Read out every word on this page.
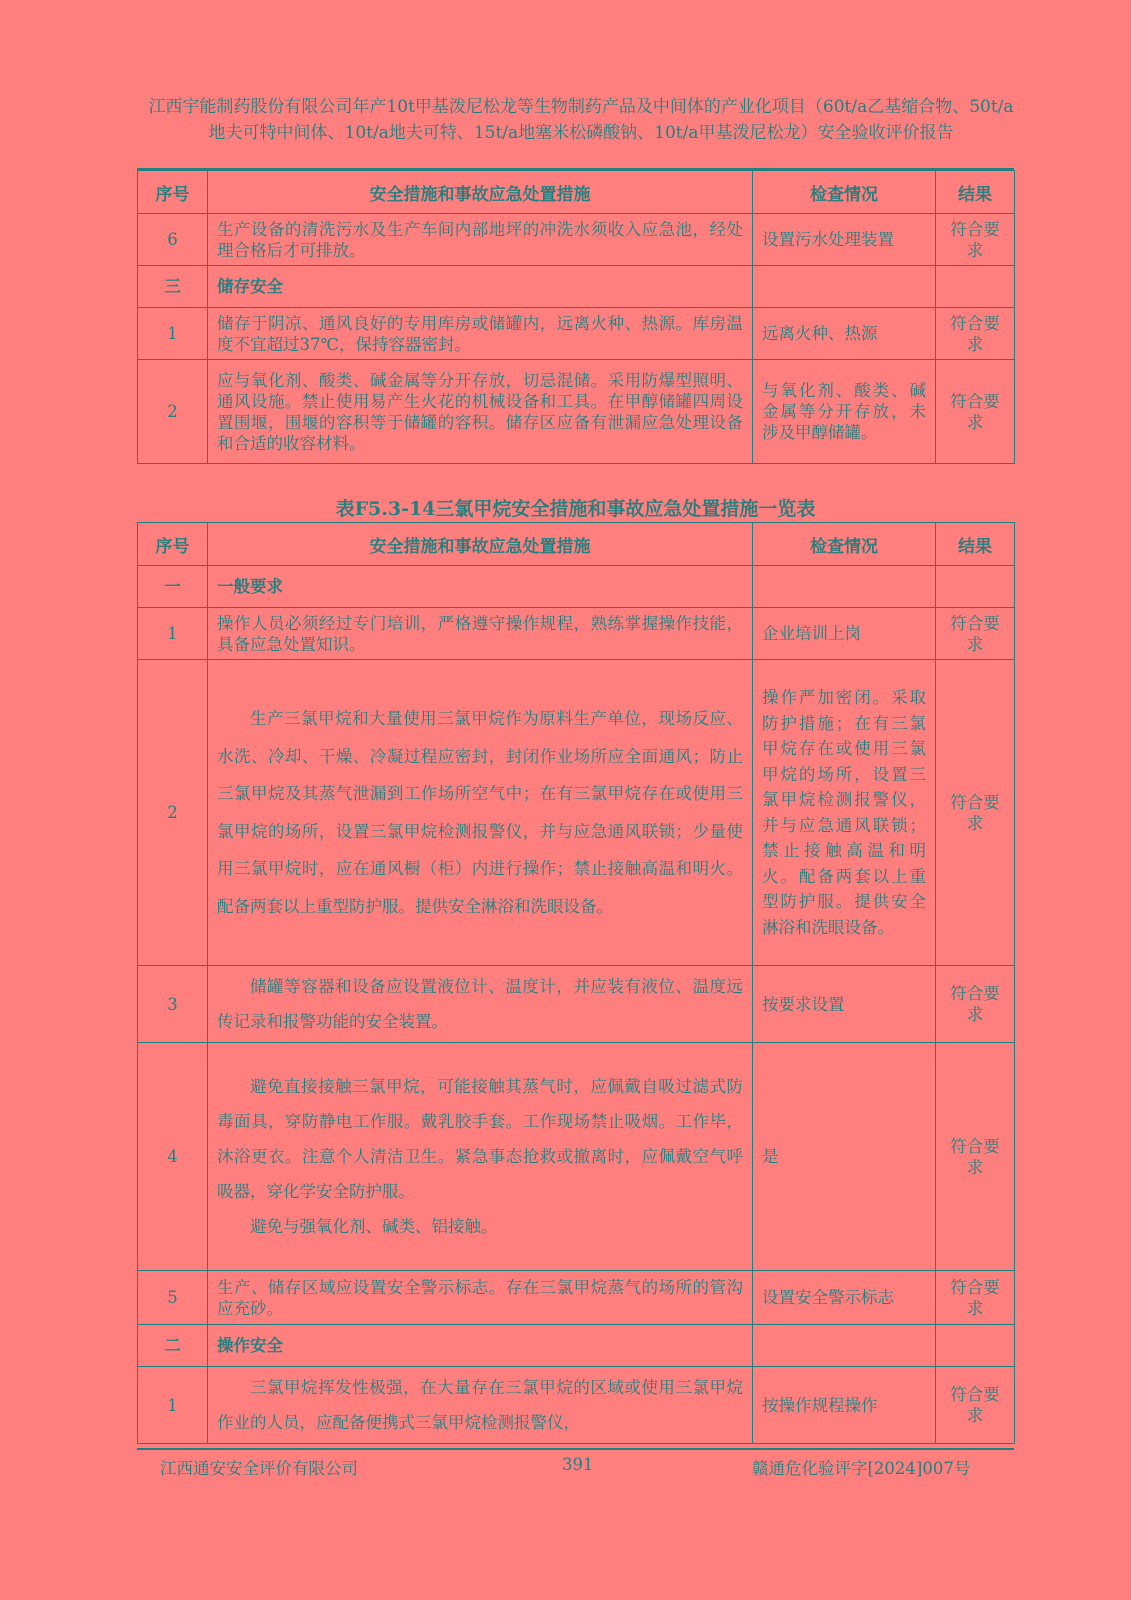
江西宇能制药股份有限公司年产10t甲基泼尼松龙等生物制药产品及中间体的产业化项目（60t/a乙基缩合物、50t/a地夫可特中间体、10t/a地夫可特、15t/a地塞米松磷酸钠、10t/a甲基泼尼松龙）安全验收评价报告
序号	安全措施和事故应急处置措施	检查情况	结果
6	生产设备的清洗污水及生产车间内部地坪的冲洗水须收入应急池，经处理合格后才可排放。	设置污水处理装置	符合要求
三	储存安全		
1	储存于阴凉、通风良好的专用库房或储罐内，远离火种、热源。库房温度不宜超过37℃，保持容器密封。	远离火种、热源	符合要求
2	应与氧化剂、酸类、碱金属等分开存放，切忌混储。采用防爆型照明、通风设施。禁止使用易产生火花的机械设备和工具。在甲醇储罐四周设置围堰，围堰的容积等于储罐的容积。储存区应备有泄漏应急处理设备和合适的收容材料。	与氧化剂、酸类、碱金属等分开存放，未涉及甲醇储罐。	符合要求
表F5.3-14三氯甲烷安全措施和事故应急处置措施一览表
序号	安全措施和事故应急处置措施	检查情况	结果
一	一般要求		
1	操作人员必须经过专门培训，严格遵守操作规程，熟练掌握操作技能，具备应急处置知识。	企业培训上岗	符合要求
2	生产三氯甲烷和大量使用三氯甲烷作为原料生产单位，现场反应、水洗、冷却、干燥、冷凝过程应密封，封闭作业场所应全面通风；防止三氯甲烷及其蒸气泄漏到工作场所空气中；在有三氯甲烷存在或使用三氯甲烷的场所，设置三氯甲烷检测报警仪，并与应急通风联锁；少量使用三氯甲烷时，应在通风橱（柜）内进行操作；禁止接触高温和明火。配备两套以上重型防护服。提供安全淋浴和洗眼设备。	操作严加密闭。采取防护措施；在有三氯甲烷存在或使用三氯甲烷的场所，设置三氯甲烷检测报警仪，并与应急通风联锁；禁止接触高温和明火。配备两套以上重型防护服。提供安全淋浴和洗眼设备。	符合要求
3	储罐等容器和设备应设置液位计、温度计，并应装有液位、温度远传记录和报警功能的安全装置。	按要求设置	符合要求
4	避免直接接触三氯甲烷，可能接触其蒸气时，应佩戴自吸过滤式防毒面具，穿防静电工作服。戴乳胶手套。工作现场禁止吸烟。工作毕，沐浴更衣。注意个人清洁卫生。紧急事态抢救或撤离时，应佩戴空气呼吸器，穿化学安全防护服。
避免与强氧化剂、碱类、铝接触。	是	符合要求
5	生产、储存区域应设置安全警示标志。存在三氯甲烷蒸气的场所的管沟应充砂。	设置安全警示标志	符合要求
二	操作安全		
1	三氯甲烷挥发性极强，在大量存在三氯甲烷的区域或使用三氯甲烷作业的人员，应配备便携式三氯甲烷检测报警仪，	按操作规程操作	符合要求
江西通安安全评价有限公司	391	赣通危化验评字[2024]007号
